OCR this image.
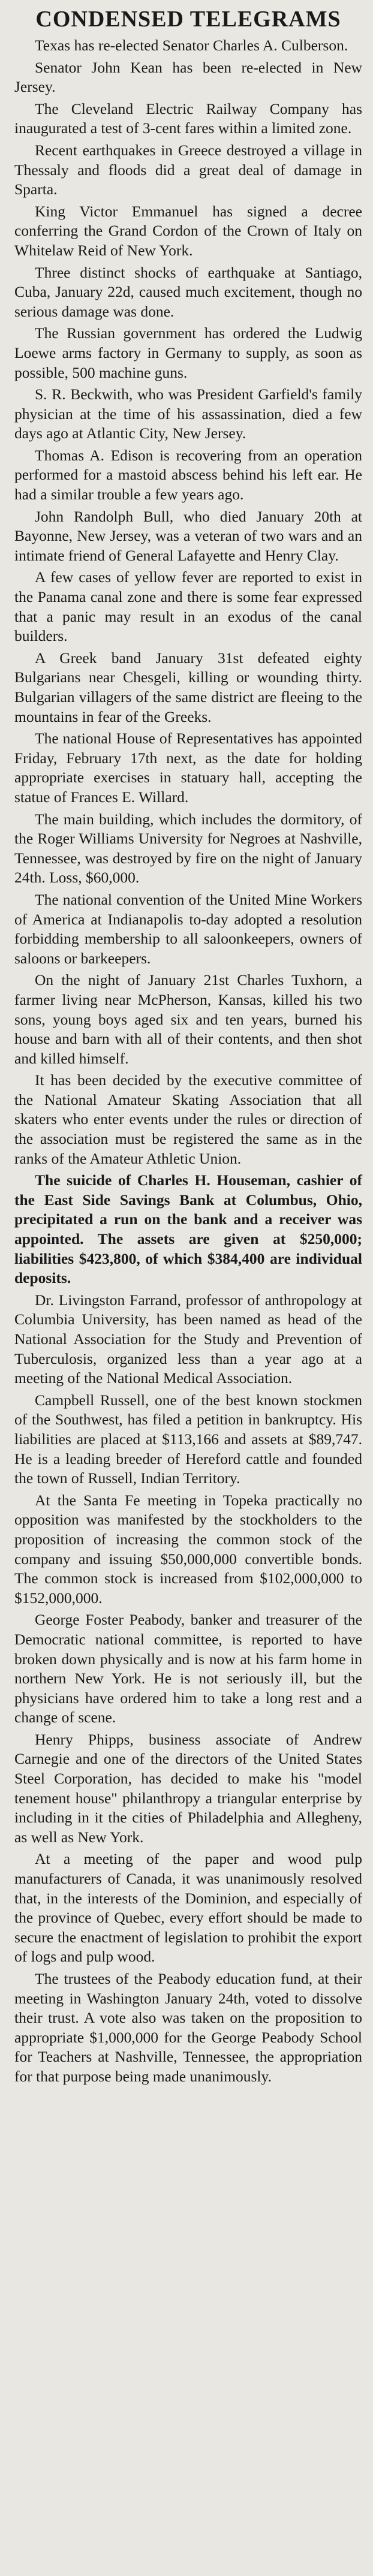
CONDENSED TELEGRAMS

Texas has re-elected Senator Charles A. Culberson.

Senator John Kean has been re-elected in New Jersey.

The Cleveland Electric Railway Company has inaugurated a test of 3-cent fares within a limited zone.

Recent earthquakes in Greece destroyed a village in Thessaly and floods did a great deal of damage in Sparta.

King Victor Emmanuel has signed a decree conferring the Grand Cordon of the Crown of Italy on Whitelaw Reid of New York.

Three distinct shocks of earthquake at Santiago, Cuba, January 22d, caused much excitement, though no serious damage was done.

The Russian government has ordered the Ludwig Loewe arms factory in Germany to supply, as soon as possible, 500 machine guns.

S. R. Beckwith, who was President Garfield's family physician at the time of his assassination, died a few days ago at Atlantic City, New Jersey.

Thomas A. Edison is recovering from an operation performed for a mastoid abscess behind his left ear. He had a similar trouble a few years ago.

John Randolph Bull, who died January 20th at Bayonne, New Jersey, was a veteran of two wars and an intimate friend of General Lafayette and Henry Clay.

A few cases of yellow fever are reported to exist in the Panama canal zone and there is some fear expressed that a panic may result in an exodus of the canal builders.

A Greek band January 31st defeated eighty Bulgarians near Chesgeli, killing or wounding thirty. Bulgarian villagers of the same district are fleeing to the mountains in fear of the Greeks.

The national House of Representatives has appointed Friday, February 17th next, as the date for holding appropriate exercises in statuary hall, accepting the statue of Frances E. Willard.

The main building, which includes the dormitory, of the Roger Williams University for Negroes at Nashville, Tennessee, was destroyed by fire on the night of January 24th. Loss, $60,000.

The national convention of the United Mine Workers of America at Indianapolis to-day adopted a resolution forbidding membership to all saloonkeepers, owners of saloons or barkeepers.

On the night of January 21st Charles Tuxhorn, a farmer living near McPherson, Kansas, killed his two sons, young boys aged six and ten years, burned his house and barn with all of their contents, and then shot and killed himself.

It has been decided by the executive committee of the National Amateur Skating Association that all skaters who enter events under the rules or direction of the association must be registered the same as in the ranks of the Amateur Athletic Union.

The suicide of Charles H. Houseman, cashier of the East Side Savings Bank at Columbus, Ohio, precipitated a run on the bank and a receiver was appointed. The assets are given at $250,000; liabilities $423,800, of which $384,400 are individual deposits.

Dr. Livingston Farrand, professor of anthropology at Columbia University, has been named as head of the National Association for the Study and Prevention of Tuberculosis, organized less than a year ago at a meeting of the National Medical Association.

Campbell Russell, one of the best known stockmen of the Southwest, has filed a petition in bankruptcy. His liabilities are placed at $113,166 and assets at $89,747. He is a leading breeder of Hereford cattle and founded the town of Russell, Indian Territory.

At the Santa Fe meeting in Topeka practically no opposition was manifested by the stockholders to the proposition of increasing the common stock of the company and issuing $50,000,000 convertible bonds. The common stock is increased from $102,000,000 to $152,000,000.

George Foster Peabody, banker and treasurer of the Democratic national committee, is reported to have broken down physically and is now at his farm home in northern New York. He is not seriously ill, but the physicians have ordered him to take a long rest and a change of scene.

Henry Phipps, business associate of Andrew Carnegie and one of the directors of the United States Steel Corporation, has decided to make his "model tenement house" philanthropy a triangular enterprise by including in it the cities of Philadelphia and Allegheny, as well as New York.

At a meeting of the paper and wood pulp manufacturers of Canada, it was unanimously resolved that, in the interests of the Dominion, and especially of the province of Quebec, every effort should be made to secure the enactment of legislation to prohibit the export of logs and pulp wood.

The trustees of the Peabody education fund, at their meeting in Washington January 24th, voted to dissolve their trust. A vote also was taken on the proposition to appropriate $1,000,000 for the George Peabody School for Teachers at Nashville, Tennessee, the appropriation for that purpose being made unanimously.
